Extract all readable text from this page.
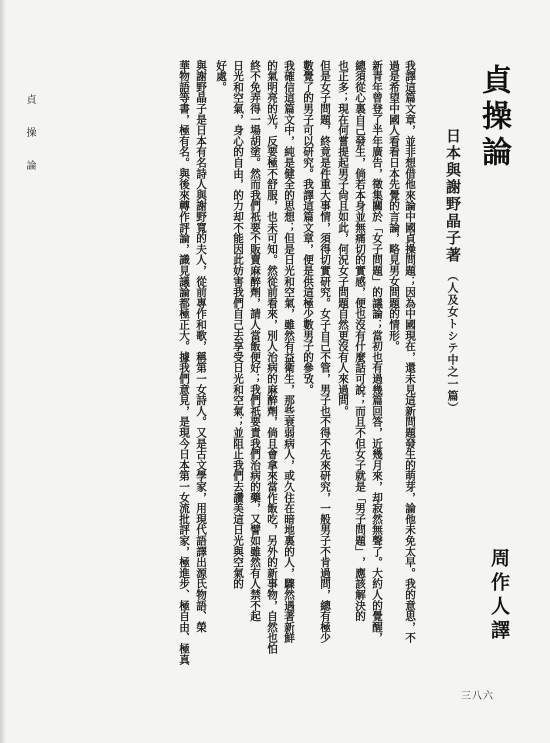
貞 操 論	貞操論
日本與謝野晶子著
（人及女トシテ中之一篇）
我譯這篇文章，並非想借他來論中國貞操問題；因為中國現在，還未見這新問題發生的萌芽，論他未免太早。我的意思，不
過是希望中國人看看日本先覺的言論，略見男女問題的情形。
新青年曾登了半年廣告，徵集關於「女子問題」的議論；當初也有過幾篇回答，近幾月來，却寂然無聲了。大約人的覺醒，
總須從心裏自己發生，倘若本身並無痛切的實感，便也沒有什麼話可說；而且不但女子就是「男子問題」，應該解決的
也正多；現在何嘗提起男子尙且如此，何況女子問題自然更沒有人來過問。
但是女子問題，終竟是件重大事情，須得切實研究。女子自己不管，男子也不得不先來研究，一般男子不肯過問，總有極少
數覺了的男子可以研究。我譯這篇文章，便是供這極少數男子的參攷。
我確信這篇文中，純是健全的思想；但是日光和空氣，雖然有益衛生，那些衰弱病人，或久住在暗地裏的人，驟然遇著新鮮
的氣明亮的光，反要極不舒服，也未可知。然從前看來，別人治病的麻醉劑，倘且會拿來當作飯吃，另外的新事物，自然也怕
終不免弄得一場胡塗。然而我們祇要不販賣麻醉劑，請人當飯便好；我們祇要責我們治病的藥，又譬如雖然有人禁不起
日光和空氣，身心的自由，的力却不能因此妨害我們自己去享受日光和空氣；並阻止我們去讚美這日光與空氣的
好處。
與謝野晶子是日本有名詩人與謝野寬的夫人，從前專作和歌，稱第一女詩人。又是古文學家，用現代語譯出源氏物語、榮
華物語等書，極有名。與後來轉作評論，識見議論都極正大。據我們意見，是現今日本第一女流批評家，極進步、極自由、極真	周作人譯
三八六
